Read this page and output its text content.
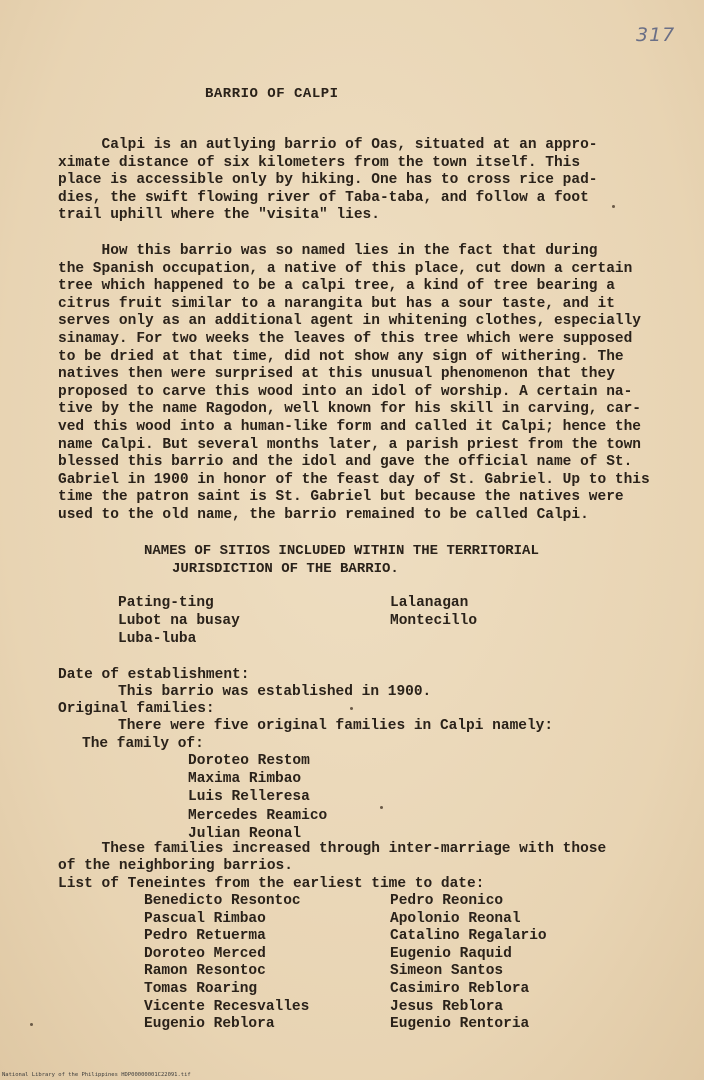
317
BARRIO OF CALPI
Calpi is an autlying barrio of Oas, situated at an appro-
ximate distance of six kilometers from the town itself. This
place is accessible only by hiking. One has to cross rice pad-
dies, the swift flowing river of Taba-taba, and follow a foot
trail uphill where the "visita" lies.
How this barrio was so named lies in the fact that during
the Spanish occupation, a native of this place, cut down a certain
tree which happened to be a calpi tree, a kind of tree bearing a
citrus fruit similar to a narangita but has a sour taste, and it
serves only as an additional agent in whitening clothes, especially
sinamay. For two weeks the leaves of this tree which were supposed
to be dried at that time, did not show any sign of withering. The
natives then were surprised at this unusual phenomenon that they
proposed to carve this wood into an idol of worship. A certain na-
tive by the name Ragodon, well known for his skill in carving, car-
ved this wood into a human-like form and called it Calpi; hence the
name Calpi. But several months later, a parish priest from the town
blessed this barrio and the idol and gave the official name of St.
Gabriel in 1900 in honor of the feast day of St. Gabriel. Up to this
time the patron saint is St. Gabriel but because the natives were
used to the old name, the barrio remained to be called Calpi.
NAMES OF SITIOS INCLUDED WITHIN THE TERRITORIAL
JURISDICTION OF THE BARRIO.
Pating-ting
Lubot na busay
Luba-luba
Lalanagan
Montecillo
Date of establishment:
This barrio was established in 1900.
Original families:
There were five original families in Calpi namely:
The family of:
Doroteo Restom
Maxima Rimbao
Luis Relleresa
Mercedes Reamico
Julian Reonal
These families increased through inter-marriage with those
of the neighboring barrios.
List of Teneintes from the earliest time to date:
Benedicto Resontoc
Pascual Rimbao
Pedro Retuerma
Doroteo Merced
Ramon Resontoc
Tomas Roaring
Vicente Recesvalles
Eugenio Reblora
Pedro Reonico
Apolonio Reonal
Catalino Regalario
Eugenio Raquid
Simeon Santos
Casimiro Reblora
Jesus Reblora
Eugenio Rentoria
National Library of the Philippines HDP00000001C22091.tif
